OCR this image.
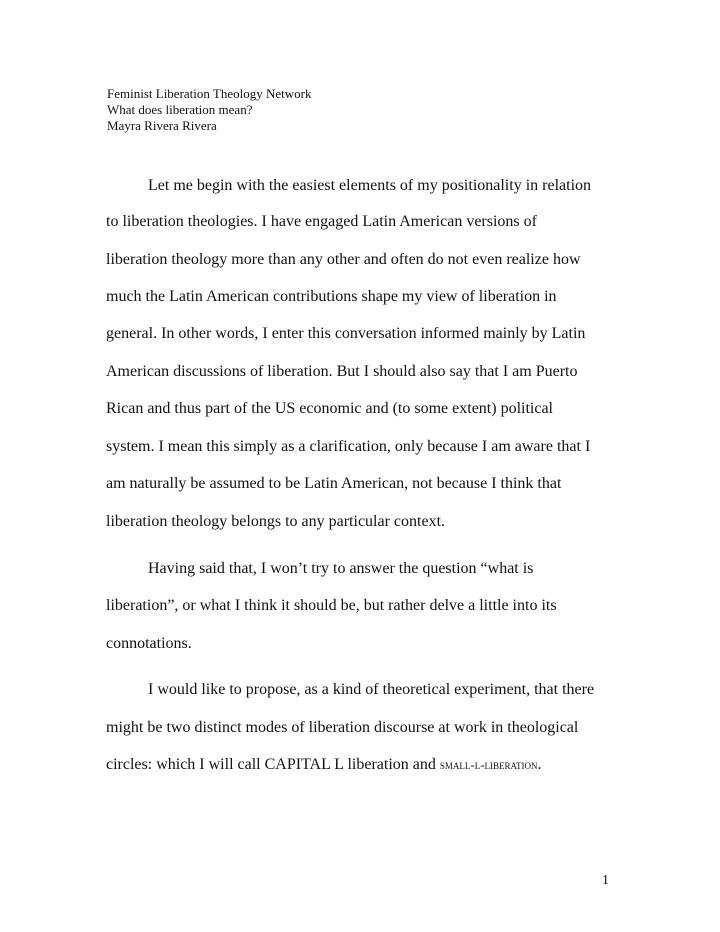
Feminist Liberation Theology Network
What does liberation mean?
Mayra Rivera Rivera
Let me begin with the easiest elements of my positionality in relation
to liberation theologies. I have engaged Latin American versions of
liberation theology more than any other and often do not even realize how
much the Latin American contributions shape my view of liberation in
general. In other words, I enter this conversation informed mainly by Latin
American discussions of liberation. But I should also say that I am Puerto
Rican and thus part of the US economic and (to some extent) political
system. I mean this simply as a clarification, only because I am aware that I
am naturally be assumed to be Latin American, not because I think that
liberation theology belongs to any particular context.
Having said that, I won’t try to answer the question “what is
liberation”, or what I think it should be, but rather delve a little into its
connotations.
I would like to propose, as a kind of theoretical experiment, that there
might be two distinct modes of liberation discourse at work in theological
circles: which I will call CAPITAL L liberation and small-l-liberation.
1
